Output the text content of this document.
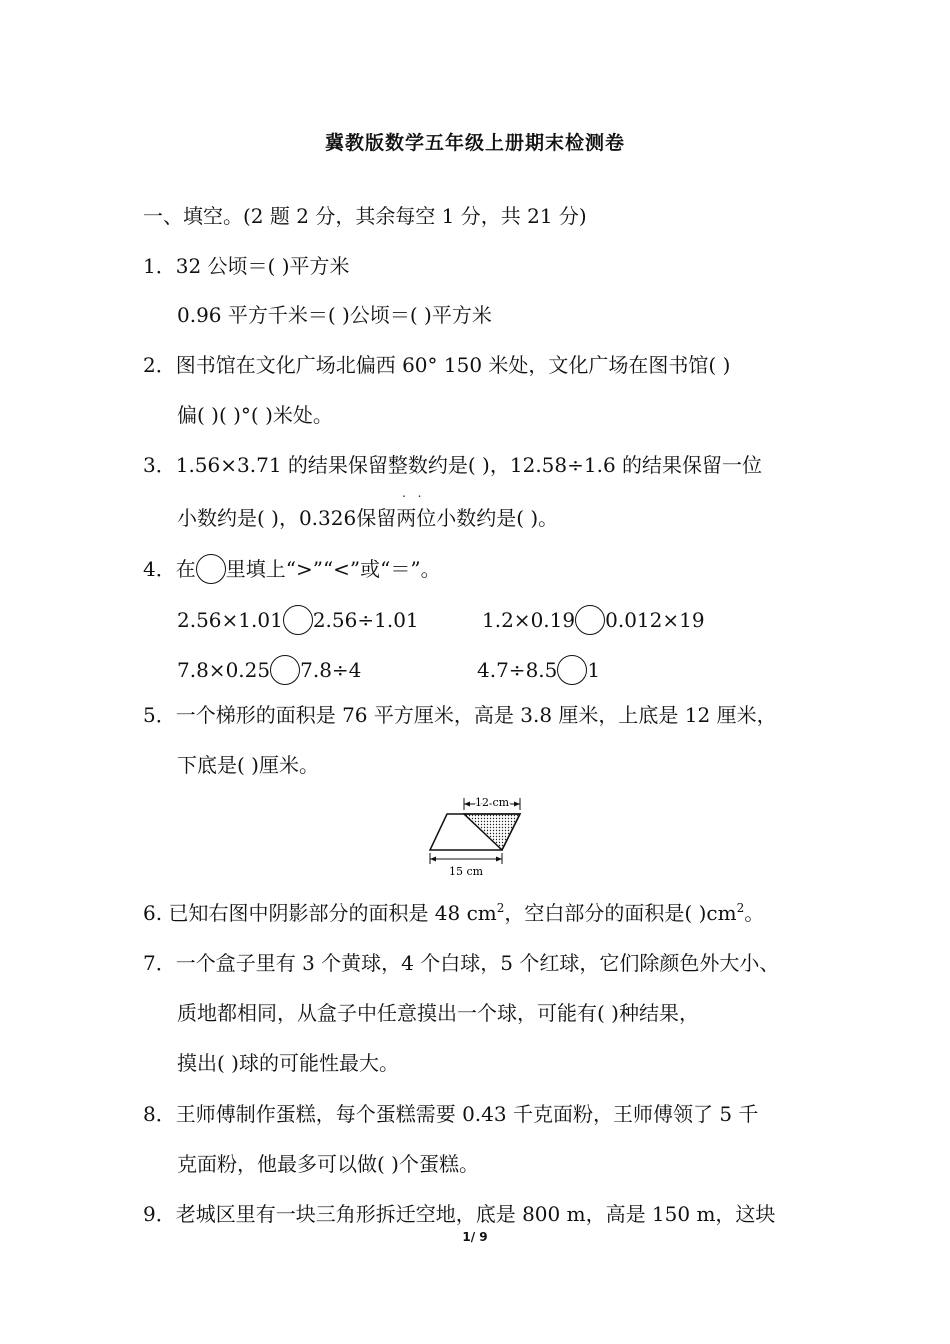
冀教版数学五年级上册期末检测卷
一、填空。(2 题 2 分，其余每空 1 分，共 21 分)
1．32 公顷＝( )平方米
0.96 平方千米＝( )公顷＝( )平方米
2．图书馆在文化广场北偏西 60° 150 米处，文化广场在图书馆( )
偏( )( )°( )米处。
3．1.56×3.71 的结果保留整数约是( )，12.58÷1.6 的结果保留一位
. .
小数约是( )，0.326保留两位小数约是( )。
4．在 里填上“>”“<”或“＝”。
2.56×1.01 2.56÷1.01	1.2×0.19 0.012×19
7.8×0.25 7.8÷4	4.7÷8.5 1
5．一个梯形的面积是 76 平方厘米，高是 3.8 厘米，上底是 12 厘米，
下底是( )厘米。
12 cm
15 cm
6. 已知右图中阴影部分的面积是 48 $cm^2$，空白部分的面积是( )$cm^2$。
7．一个盒子里有 3 个黄球，4 个白球，5 个红球，它们除颜色外大小、
质地都相同，从盒子中任意摸出一个球，可能有( )种结果，
摸出( )球的可能性最大。
8．王师傅制作蛋糕，每个蛋糕需要 0.43 千克面粉，王师傅领了 5 千
克面粉，他最多可以做( )个蛋糕。
9．老城区里有一块三角形拆迁空地，底是 800 m，高是 150 m，这块
1/ 9
